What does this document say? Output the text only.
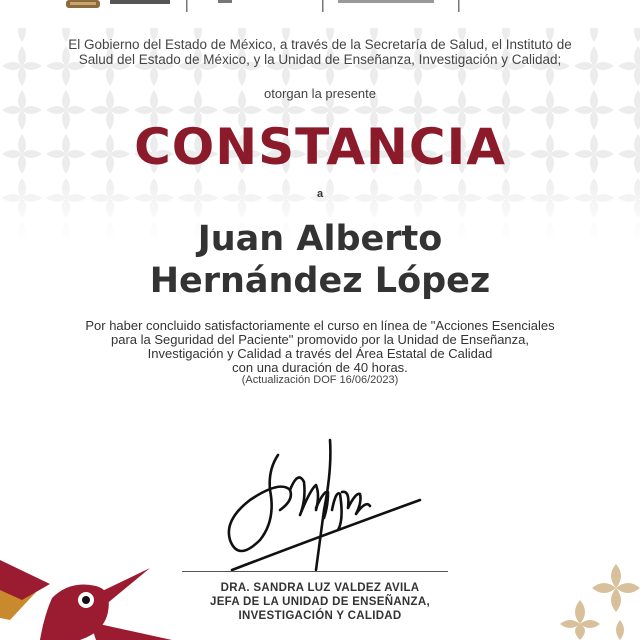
El Gobierno del Estado de México, a través de la Secretaría de Salud, el Instituto de
Salud del Estado de México, y la Unidad de Enseñanza, Investigación y Calidad;
otorgan la presente
CONSTANCIA
a
Juan Alberto
Hernández López
Por haber concluido satisfactoriamente el curso en línea de "Acciones Esenciales
para la Seguridad del Paciente" promovido por la Unidad de Enseñanza,
Investigación y Calidad a través del Área Estatal de Calidad
con una duración de 40 horas.
(Actualización DOF 16/06/2023)
DRA. SANDRA LUZ VALDEZ AVILA
JEFA DE LA UNIDAD DE ENSEÑANZA,
INVESTIGACIÓN Y CALIDAD
